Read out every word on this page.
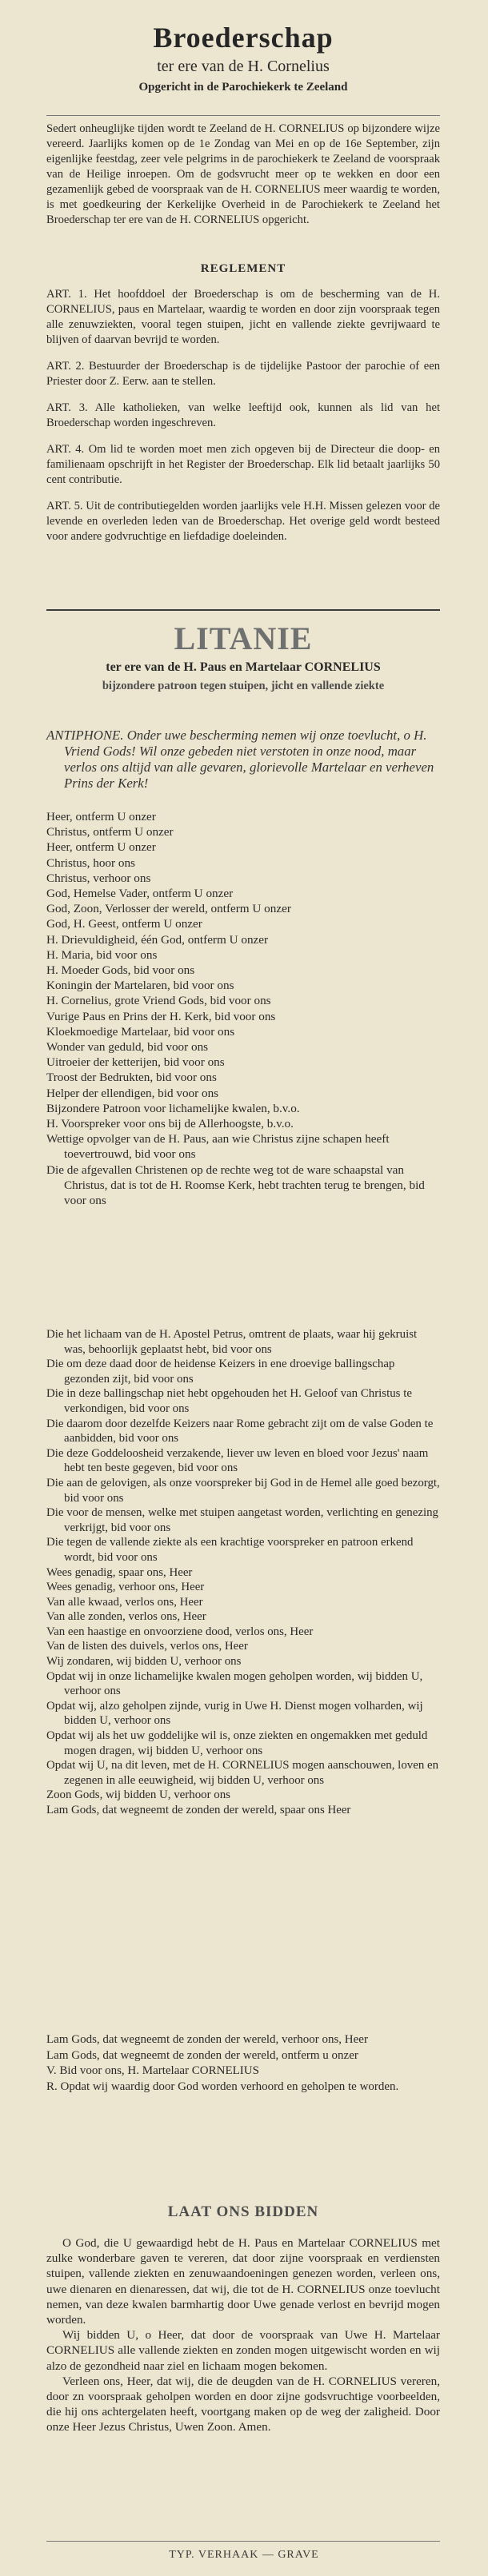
Broederschap
ter ere van de H. Cornelius
Opgericht in de Parochiekerk te Zeeland
Sedert onheuglijke tijden wordt te Zeeland de H. CORNELIUS op bijzondere wijze vereerd. Jaarlijks komen op de 1e Zondag van Mei en op de 16e September, zijn eigenlijke feestdag, zeer vele pelgrims in de parochiekerk te Zeeland de voorspraak van de Heilige inroepen. Om de godsvrucht meer op te wekken en door een gezamenlijk gebed de voorspraak van de H. CORNELIUS meer waardig te worden, is met goedkeuring der Kerkelijke Overheid in de Parochiekerk te Zeeland het Broederschap ter ere van de H. CORNELIUS opgericht.
REGLEMENT
ART. 1. Het hoofddoel der Broederschap is om de bescherming van de H. CORNELIUS, paus en Martelaar, waardig te worden en door zijn voorspraak tegen alle zenuwziekten, vooral tegen stuipen, jicht en vallende ziekte gevrijwaard te blijven of daarvan bevrijd te worden.
ART. 2. Bestuurder der Broederschap is de tijdelijke Pastoor der parochie of een Priester door Z. Eerw. aan te stellen.
ART. 3. Alle katholieken, van welke leeftijd ook, kunnen als lid van het Broederschap worden ingeschreven.
ART. 4. Om lid te worden moet men zich opgeven bij de Directeur die doop- en familienaam opschrijft in het Register der Broederschap. Elk lid betaalt jaarlijks 50 cent contributie.
ART. 5. Uit de contributiegelden worden jaarlijks vele H.H. Missen gelezen voor de levende en overleden leden van de Broederschap. Het overige geld wordt besteed voor andere godvruchtige en liefdadige doeleinden.
LITANIE
ter ere van de H. Paus en Martelaar CORNELIUS
bijzondere patroon tegen stuipen, jicht en vallende ziekte
ANTIPHONE. Onder uwe bescherming nemen wij onze toevlucht, o H. Vriend Gods! Wil onze gebeden niet verstoten in onze nood, maar verlos ons altijd van alle gevaren, glorievolle Martelaar en verheven Prins der Kerk!
Heer, ontferm U onzer
Christus, ontferm U onzer
Heer, ontferm U onzer
Christus, hoor ons
Christus, verhoor ons
God, Hemelse Vader, ontferm U onzer
God, Zoon, Verlosser der wereld, ontferm U onzer
God, H. Geest, ontferm U onzer
H. Drievuldigheid, één God, ontferm U onzer
H. Maria, bid voor ons
H. Moeder Gods, bid voor ons
Koningin der Martelaren, bid voor ons
H. Cornelius, grote Vriend Gods, bid voor ons
Vurige Paus en Prins der H. Kerk, bid voor ons
Kloekmoedige Martelaar, bid voor ons
Wonder van geduld, bid voor ons
Uitroeier der ketterijen, bid voor ons
Troost der Bedrukten, bid voor ons
Helper der ellendigen, bid voor ons
Bijzondere Patroon voor lichamelijke kwalen, b.v.o.
H. Voorspreker voor ons bij de Allerhoogste, b.v.o.
Wettige opvolger van de H. Paus, aan wie Christus zijne schapen heeft toevertrouwd, bid voor ons
Die de afgevallen Christenen op de rechte weg tot de ware schaapstal van Christus, dat is tot de H. Roomse Kerk, hebt trachten terug te brengen, bid voor ons
Die het lichaam van de H. Apostel Petrus, omtrent de plaats, waar hij gekruist was, behoorlijk geplaatst hebt, bid voor ons
Die om deze daad door de heidense Keizers in ene droevige ballingschap gezonden zijt, bid voor ons
Die in deze ballingschap niet hebt opgehouden het H. Geloof van Christus te verkondigen, bid voor ons
Die daarom door dezelfde Keizers naar Rome gebracht zijt om de valse Goden te aanbidden, bid voor ons
Die deze Goddeloosheid verzakende, liever uw leven en bloed voor Jezus' naam hebt ten beste gegeven, bid voor ons
Die aan de gelovigen, als onze voorspreker bij God in de Hemel alle goed bezorgt, bid voor ons
Die voor de mensen, welke met stuipen aangetast worden, verlichting en genezing verkrijgt, bid voor ons
Die tegen de vallende ziekte als een krachtige voorspreker en patroon erkend wordt, bid voor ons
Wees genadig, spaar ons, Heer
Wees genadig, verhoor ons, Heer
Van alle kwaad, verlos ons, Heer
Van alle zonden, verlos ons, Heer
Van een haastige en onvoorziene dood, verlos ons, Heer
Van de listen des duivels, verlos ons, Heer
Wij zondaren, wij bidden U, verhoor ons
Opdat wij in onze lichamelijke kwalen mogen geholpen worden, wij bidden U, verhoor ons
Opdat wij, alzo geholpen zijnde, vurig in Uwe H. Dienst mogen volharden, wij bidden U, verhoor ons
Opdat wij als het uw goddelijke wil is, onze ziekten en ongemakken met geduld mogen dragen, wij bidden U, verhoor ons
Opdat wij U, na dit leven, met de H. CORNELIUS mogen aanschouwen, loven en zegenen in alle eeuwigheid, wij bidden U, verhoor ons
Zoon Gods, wij bidden U, verhoor ons
Lam Gods, dat wegneemt de zonden der wereld, spaar ons Heer
Lam Gods, dat wegneemt de zonden der wereld, verhoor ons, Heer
Lam Gods, dat wegneemt de zonden der wereld, ontferm u onzer
V. Bid voor ons, H. Martelaar CORNELIUS
R. Opdat wij waardig door God worden verhoord en geholpen te worden.
LAAT ONS BIDDEN

O God, die U gewaardigd hebt de H. Paus en Martelaar CORNELIUS met zulke wonderbare gaven te vereren, dat door zijne voorspraak en verdiensten stuipen, vallende ziekten en zenuwaandoeningen genezen worden, verleen ons, uwe dienaren en dienaressen, dat wij, die tot de H. CORNELIUS onze toevlucht nemen, van deze kwalen barmhartig door Uwe genade verlost en bevrijd mogen worden.

Wij bidden U, o Heer, dat door de voorspraak van Uwe H. Martelaar CORNELIUS alle vallende ziekten en zonden mogen uitgewischt worden en wij alzo de gezondheid naar ziel en lichaam mogen bekomen.

Verleen ons, Heer, dat wij, die de deugden van de H. CORNELIUS vereren, door zn voorspraak geholpen worden en door zijne godsvruchtige voorbeelden, die hij ons achtergelaten heeft, voortgang maken op de weg der zaligheid. Door onze Heer Jezus Christus, Uwen Zoon. Amen.

TYP. VERHAAK — GRAVE
